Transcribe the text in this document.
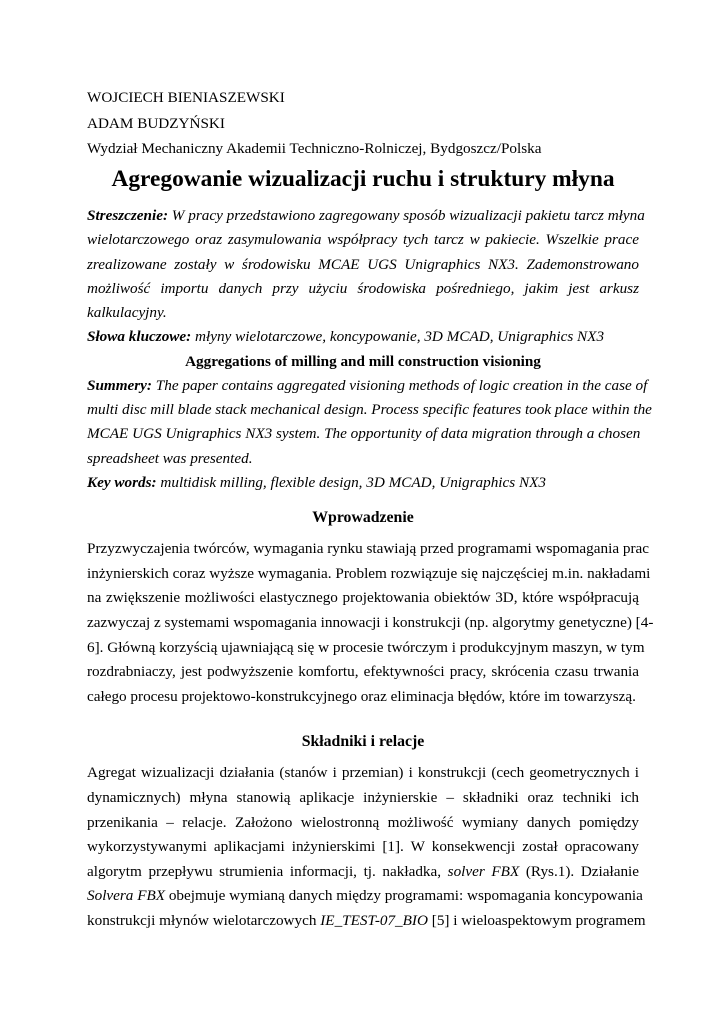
WOJCIECH BIENIASZEWSKI
ADAM BUDZYŃSKI
Wydział Mechaniczny Akademii Techniczno-Rolniczej, Bydgoszcz/Polska
Agregowanie wizualizacji ruchu i struktury młyna
Streszczenie: W pracy przedstawiono zagregowany sposób wizualizacji pakietu tarcz młyna
wielotarczowego oraz zasymulowania współpracy tych tarcz w pakiecie. Wszelkie prace
zrealizowane zostały w środowisku MCAE UGS Unigraphics NX3. Zademonstrowano
możliwość importu danych przy użyciu środowiska pośredniego, jakim jest arkusz
kalkulacyjny.
Słowa kluczowe: młyny wielotarczowe, koncypowanie, 3D MCAD, Unigraphics NX3
Aggregations of milling and mill construction visioning
Summery: The paper contains aggregated visioning methods of logic creation in the case of
multi disc mill blade stack mechanical design. Process specific features took place within the
MCAE UGS Unigraphics NX3 system. The opportunity of data migration through a chosen
spreadsheet was presented.
Key words: multidisk milling, flexible design, 3D MCAD, Unigraphics NX3
Wprowadzenie
Przyzwyczajenia twórców, wymagania rynku stawiają przed programami wspomagania prac
inżynierskich coraz wyższe wymagania. Problem rozwiązuje się najczęściej m.in. nakładami
na zwiększenie możliwości elastycznego projektowania obiektów 3D, które współpracują
zazwyczaj z systemami wspomagania innowacji i konstrukcji (np. algorytmy genetyczne) [4-
6]. Główną korzyścią ujawniającą się w procesie twórczym i produkcyjnym maszyn, w tym
rozdrabniaczy, jest podwyższenie komfortu, efektywności pracy, skrócenia czasu trwania
całego procesu projektowo-konstrukcyjnego oraz eliminacja błędów, które im towarzyszą.
Składniki i relacje
Agregat wizualizacji działania (stanów i przemian) i konstrukcji (cech geometrycznych i
dynamicznych) młyna stanowią aplikacje inżynierskie – składniki oraz techniki ich
przenikania – relacje. Założono wielostronną możliwość wymiany danych pomiędzy
wykorzystywanymi aplikacjami inżynierskimi [1]. W konsekwencji został opracowany
algorytm przepływu strumienia informacji, tj. nakładka, solver FBX (Rys.1). Działanie
Solvera FBX obejmuje wymianą danych między programami: wspomagania koncypowania
konstrukcji młynów wielotarczowych IE_TEST-07_BIO [5] i wieloaspektowym programem
